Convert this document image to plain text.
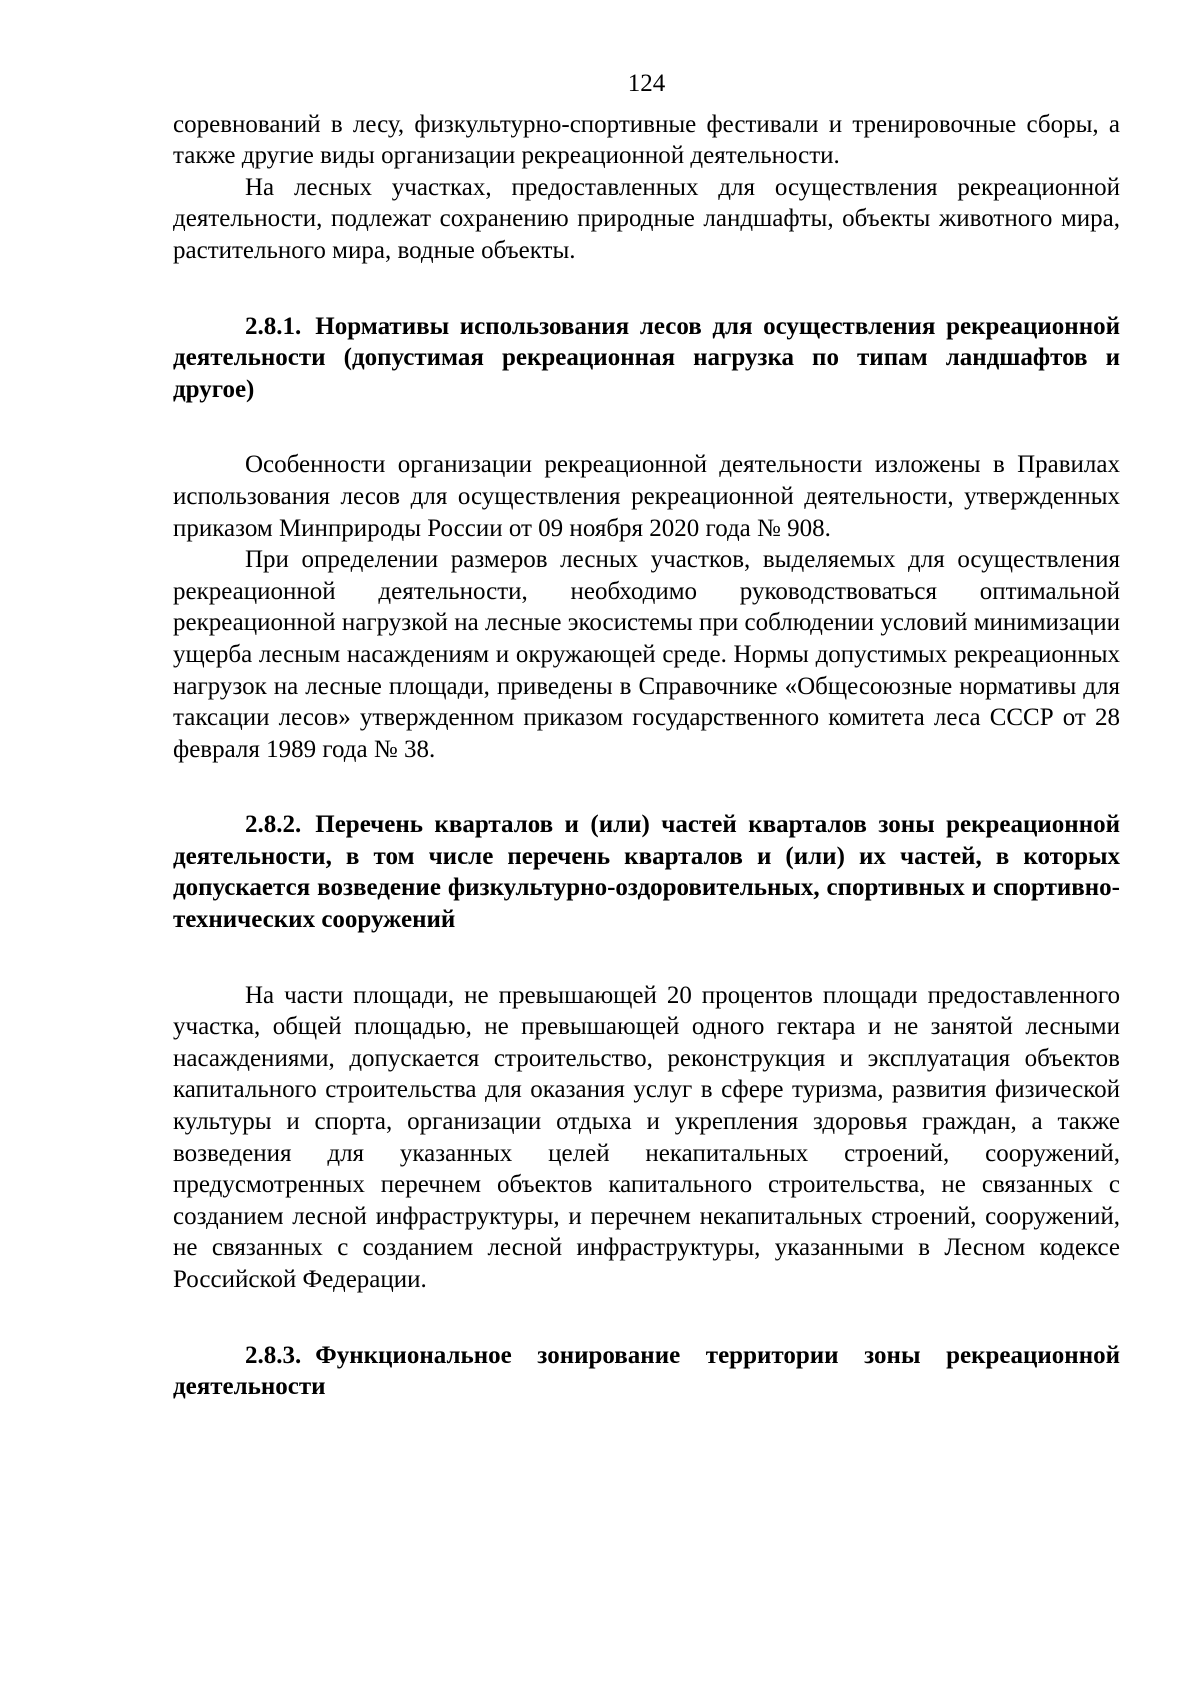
124

соревнований в лесу, физкультурно-спортивные фестивали и тренировочные сборы, а также другие виды организации рекреационной деятельности.

На лесных участках, предоставленных для осуществления рекреационной деятельности, подлежат сохранению природные ландшафты, объекты животного мира, растительного мира, водные объекты.

2.8.1. Нормативы использования лесов для осуществления рекреационной деятельности (допустимая рекреационная нагрузка по типам ландшафтов и другое)

Особенности организации рекреационной деятельности изложены в Правилах использования лесов для осуществления рекреационной деятельности, утвержденных приказом Минприроды России от 09 ноября 2020 года № 908.

При определении размеров лесных участков, выделяемых для осуществления рекреационной деятельности, необходимо руководствоваться оптимальной рекреационной нагрузкой на лесные экосистемы при соблюдении условий минимизации ущерба лесным насаждениям и окружающей среде. Нормы допустимых рекреационных нагрузок на лесные площади, приведены в Справочнике «Общесоюзные нормативы для таксации лесов» утвержденном приказом государственного комитета леса СССР от 28 февраля 1989 года № 38.

2.8.2. Перечень кварталов и (или) частей кварталов зоны рекреационной деятельности, в том числе перечень кварталов и (или) их частей, в которых допускается возведение физкультурно-оздоровительных, спортивных и спортивно-технических сооружений

На части площади, не превышающей 20 процентов площади предоставленного участка, общей площадью, не превышающей одного гектара и не занятой лесными насаждениями, допускается строительство, реконструкция и эксплуатация объектов капитального строительства для оказания услуг в сфере туризма, развития физической культуры и спорта, организации отдыха и укрепления здоровья граждан, а также возведения для указанных целей некапитальных строений, сооружений, предусмотренных перечнем объектов капитального строительства, не связанных с созданием лесной инфраструктуры, и перечнем некапитальных строений, сооружений, не связанных с созданием лесной инфраструктуры, указанными в Лесном кодексе Российской Федерации.

2.8.3. Функциональное зонирование территории зоны рекреационной деятельности
